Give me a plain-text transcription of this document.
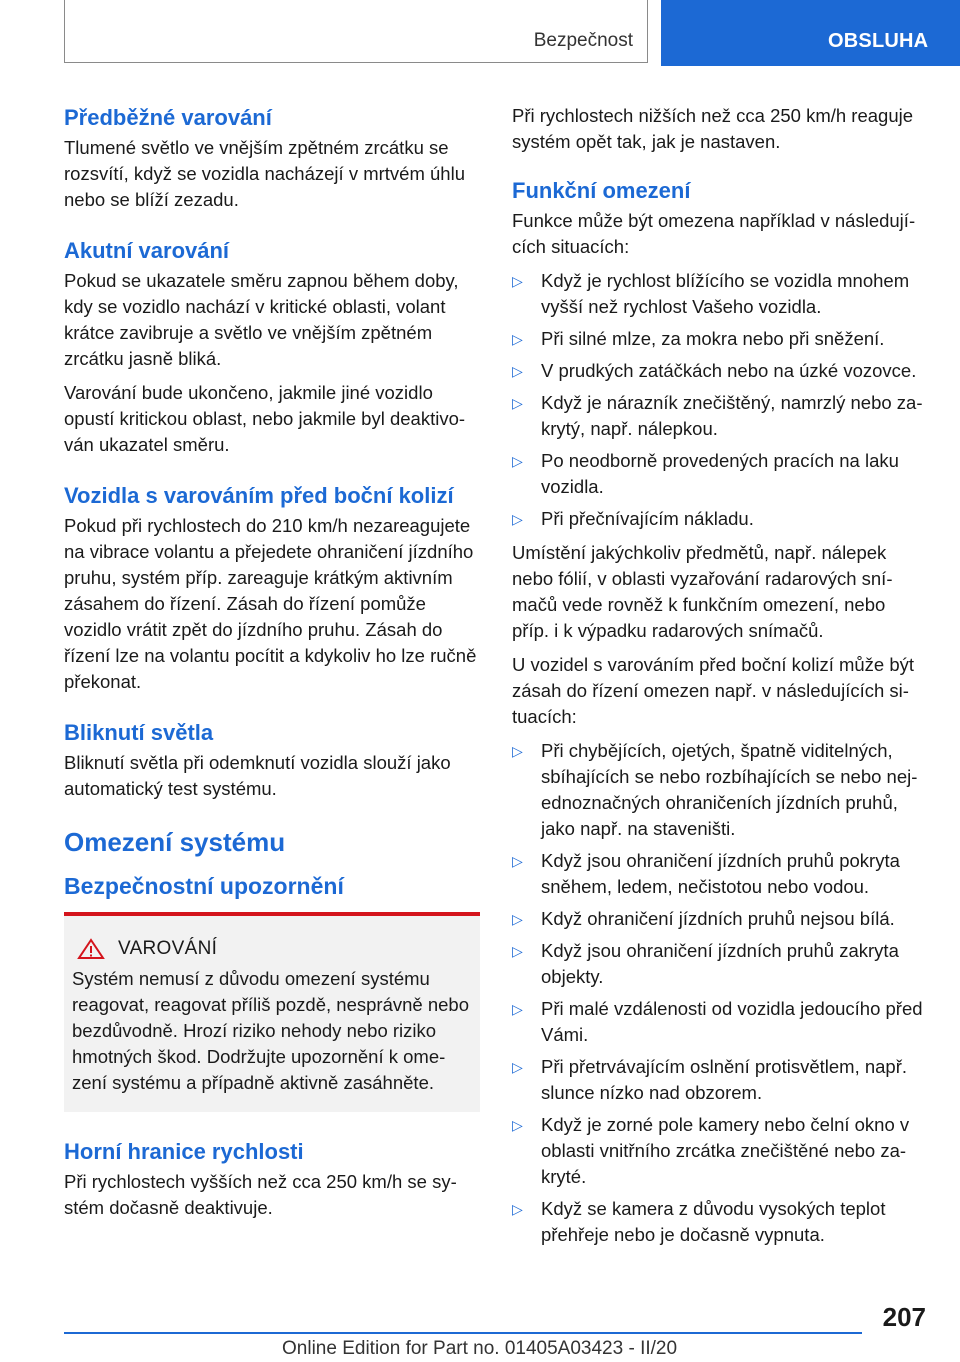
Bezpečnost	OBSLUHA
Předběžné varování

Tlumené světlo ve vnějším zpětném zrcátku se rozsvítí, když se vozidla nacházejí v mrtvém úhlu nebo se blíží zezadu.

Akutní varování

Pokud se ukazatele směru zapnou během doby, kdy se vozidlo nachází v kritické oblasti, volant krátce zavibruje a světlo ve vnějším zpětném zrcátku jasně bliká.

Varování bude ukončeno, jakmile jiné vozidlo opustí kritickou oblast, nebo jakmile byl deaktivován ukazatel směru.

Vozidla s varováním před boční kolizí

Pokud při rychlostech do 210 km/h nezareagujete na vibrace volantu a přejedete ohraničení jízdního pruhu, systém příp. zareaguje krátkým aktivním zásahem do řízení. Zásah do řízení pomůže vozidlo vrátit zpět do jízdního pruhu. Zásah do řízení lze na volantu pocítit a kdykoliv ho lze ručně překonat.

Bliknutí světla

Bliknutí světla při odemknutí vozidla slouží jako automatický test systému.

Omezení systému
Bezpečnostní upozornění
VAROVÁNÍ

Systém nemusí z důvodu omezení systému reagovat, reagovat příliš pozdě, nesprávně nebo bezdůvodně. Hrozí riziko nehody nebo riziko hmotných škod. Dodržujte upozornění k omezení systému a případně aktivně zasáhněte.

Horní hranice rychlosti

Při rychlostech vyšších než cca 250 km/h se systém dočasně deaktivuje.

Při rychlostech nižších než cca 250 km/h reaguje systém opět tak, jak je nastaven.

Funkční omezení

Funkce může být omezena například v následujících situacích:

▷ Když je rychlost blížícího se vozidla mnohem vyšší než rychlost Vašeho vozidla.
▷ Při silné mlze, za mokra nebo při sněžení.
▷ V prudkých zatáčkách nebo na úzké vozovce.
▷ Když je nárazník znečištěný, namrzlý nebo zakrytý, např. nálepkou.
▷ Po neodborně provedených pracích na laku vozidla.
▷ Při přečnívajícím nákladu.

Umístění jakýchkoliv předmětů, např. nálepek nebo fólií, v oblasti vyzařování radarových snímačů vede rovněž k funkčním omezení, nebo příp. i k výpadku radarových snímačů.

U vozidel s varováním před boční kolizí může být zásah do řízení omezen např. v následujících situacích:

▷ Při chybějících, ojetých, špatně viditelných, sbíhajících se nebo rozbíhajících se nebo nejednoznačných ohraničeních jízdních pruhů, jako např. na staveništi.
▷ Když jsou ohraničení jízdních pruhů pokryta sněhem, ledem, nečistotou nebo vodou.
▷ Když ohraničení jízdních pruhů nejsou bílá.
▷ Když jsou ohraničení jízdních pruhů zakryta objekty.
▷ Při malé vzdálenosti od vozidla jedoucího před Vámi.
▷ Při přetrvávajícím oslnění protisvětlem, např. slunce nízko nad obzorem.
▷ Když je zorné pole kamery nebo čelní okno v oblasti vnitřního zrcátka znečištěné nebo zakryté.
▷ Když se kamera z důvodu vysokých teplot přehřeje nebo je dočasně vypnuta.
207
Online Edition for Part no. 01405A03423 - II/20
